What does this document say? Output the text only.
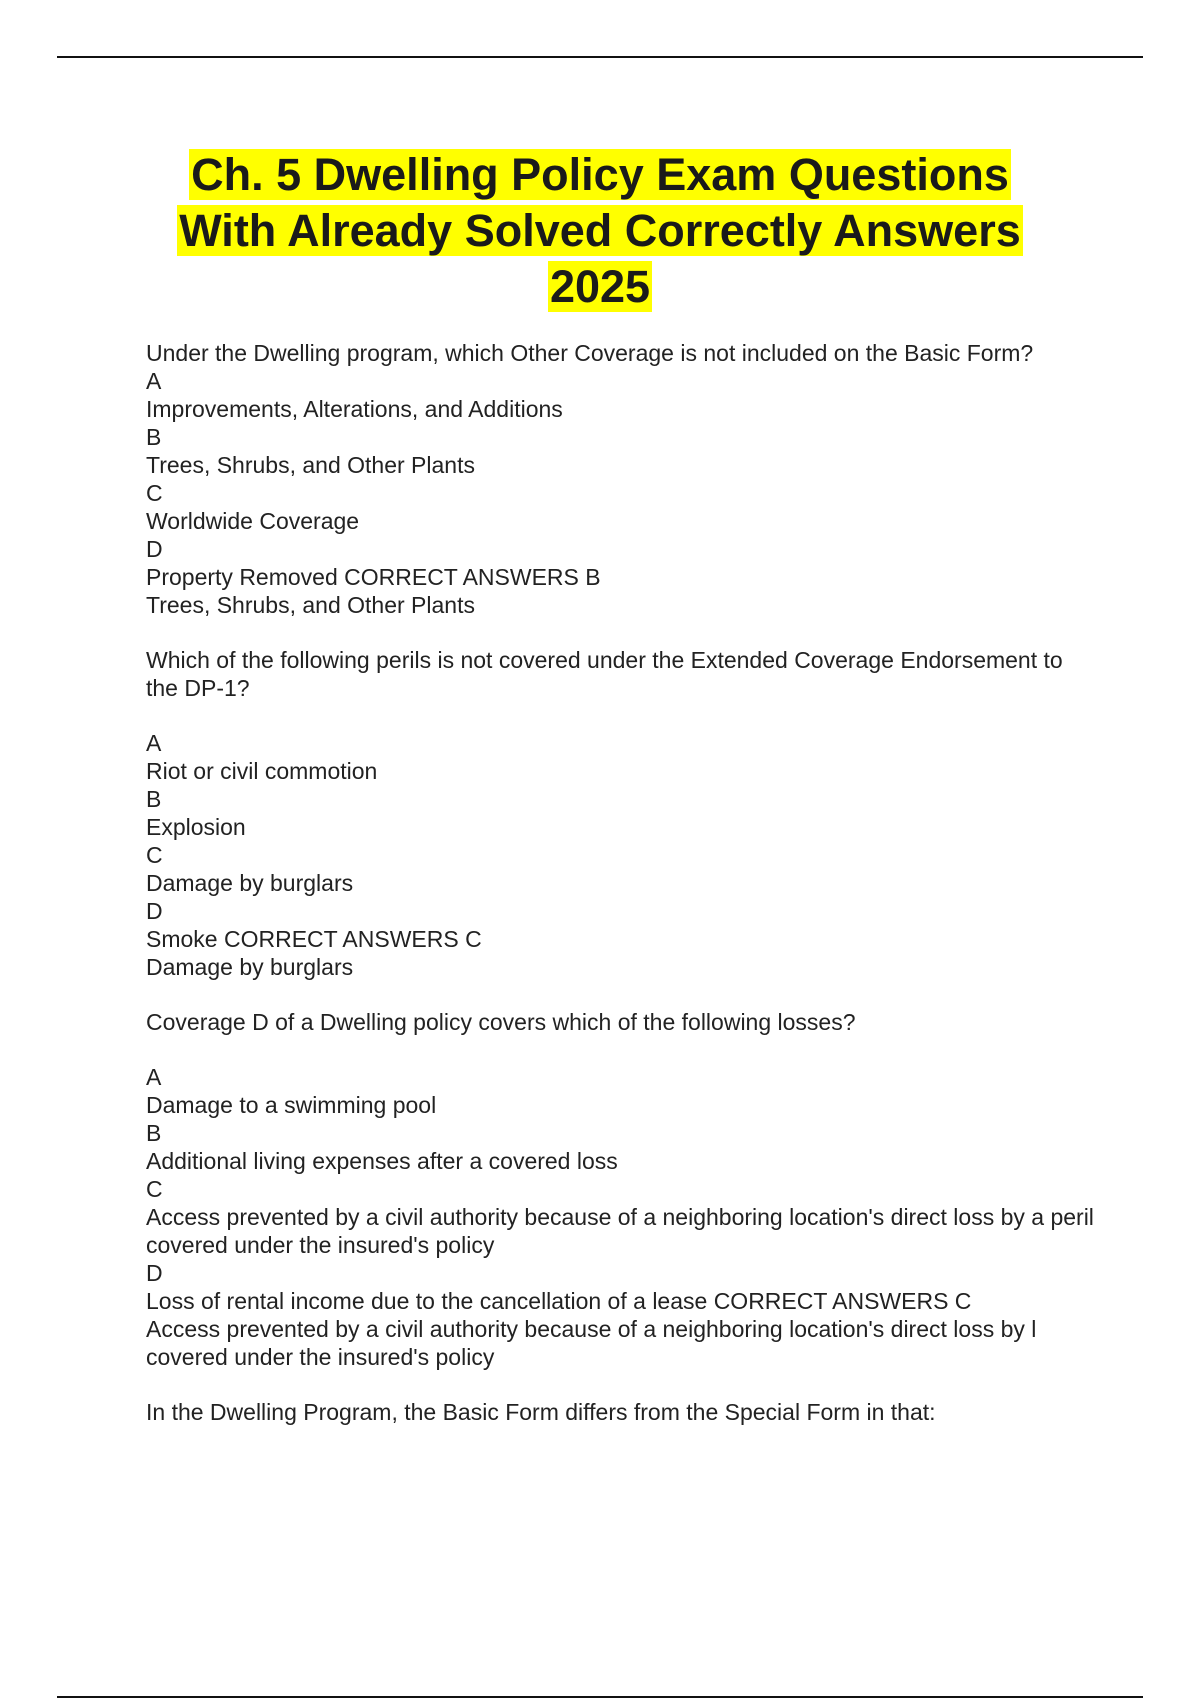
Ch. 5 Dwelling Policy Exam Questions
With Already Solved Correctly Answers
2025
Under the Dwelling program, which Other Coverage is not included on the Basic Form?
A
Improvements, Alterations, and Additions
B
Trees, Shrubs, and Other Plants
C
Worldwide Coverage
D
Property Removed CORRECT ANSWERS B
Trees, Shrubs, and Other Plants
Which of the following perils is not covered under the Extended Coverage Endorsement to the DP-1?
A
Riot or civil commotion
B
Explosion
C
Damage by burglars
D
Smoke CORRECT ANSWERS C
Damage by burglars
Coverage D of a Dwelling policy covers which of the following losses?
A
Damage to a swimming pool
B
Additional living expenses after a covered loss
C
Access prevented by a civil authority because of a neighboring location's direct loss by a peril covered under the insured's policy
D
Loss of rental income due to the cancellation of a lease CORRECT ANSWERS C
Access prevented by a civil authority because of a neighboring location's direct loss by l
covered under the insured's policy
In the Dwelling Program, the Basic Form differs from the Special Form in that:
